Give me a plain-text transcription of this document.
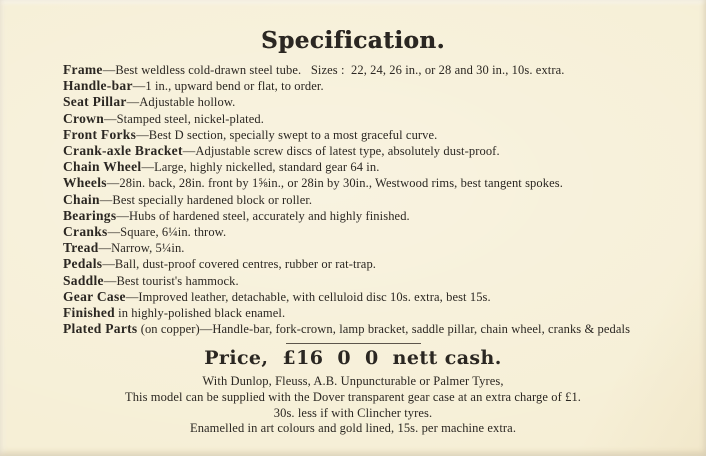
Specification.
Frame—Best weldless cold-drawn steel tube.   Sizes :  22, 24, 26 in., or 28 and 30 in., 10s. extra.
Handle-bar—1 in., upward bend or flat, to order.
Seat Pillar—Adjustable hollow.
Crown—Stamped steel, nickel-plated.
Front Forks—Best D section, specially swept to a most graceful curve.
Crank-axle Bracket—Adjustable screw discs of latest type, absolutely dust-proof.
Chain Wheel—Large, highly nickelled, standard gear 64 in.
Wheels—28in. back, 28in. front by 1⅝in., or 28in by 30in., Westwood rims, best tangent spokes.
Chain—Best specially hardened block or roller.
Bearings—Hubs of hardened steel, accurately and highly finished.
Cranks—Square, 6¼in. throw.
Tread—Narrow, 5¼in.
Pedals—Ball, dust-proof covered centres, rubber or rat-trap.
Saddle—Best tourist's hammock.
Gear Case—Improved leather, detachable, with celluloid disc 10s. extra, best 15s.
Finished in highly-polished black enamel.
Plated Parts (on copper)—Handle-bar, fork-crown, lamp bracket, saddle pillar, chain wheel, cranks & pedals
Price,  £16  0  0  nett cash.
With Dunlop, Fleuss, A.B. Unpuncturable or Palmer Tyres,
This model can be supplied with the Dover transparent gear case at an extra charge of £1.
30s. less if with Clincher tyres.
Enamelled in art colours and gold lined, 15s. per machine extra.
